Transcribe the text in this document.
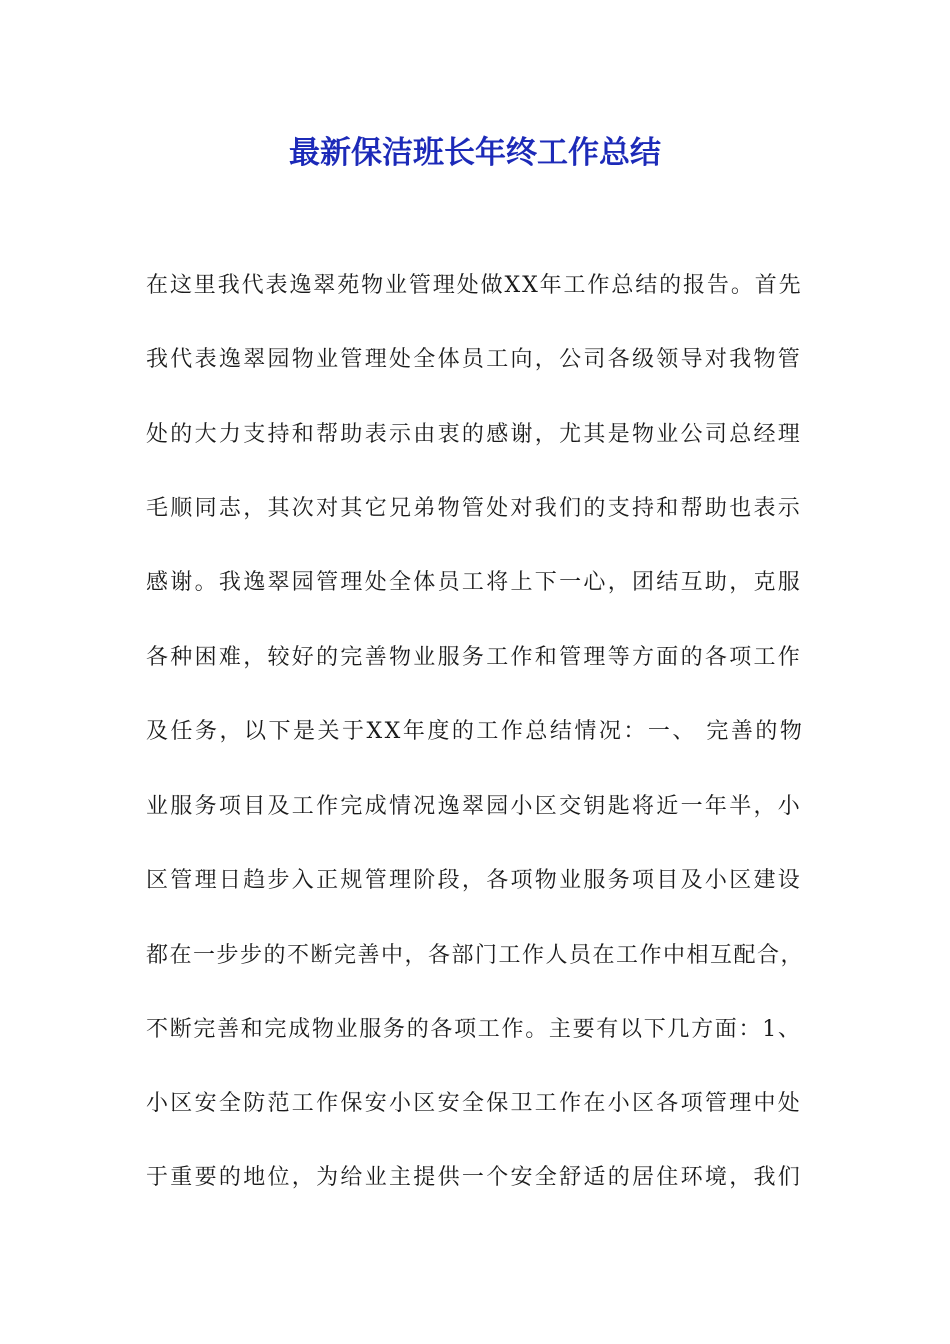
最新保洁班长年终工作总结
在这里我代表逸翠苑物业管理处做XX年工作总结的报告。首先
我代表逸翠园物业管理处全体员工向，公司各级领导对我物管
处的大力支持和帮助表示由衷的感谢，尤其是物业公司总经理
毛顺同志，其次对其它兄弟物管处对我们的支持和帮助也表示
感谢。我逸翠园管理处全体员工将上下一心，团结互助，克服
各种困难，较好的完善物业服务工作和管理等方面的各项工作
及任务，以下是关于XX年度的工作总结情况：一、 完善的物
业服务项目及工作完成情况逸翠园小区交钥匙将近一年半，小
区管理日趋步入正规管理阶段，各项物业服务项目及小区建设
都在一步步的不断完善中，各部门工作人员在工作中相互配合，
不断完善和完成物业服务的各项工作。主要有以下几方面：1、
小区安全防范工作保安小区安全保卫工作在小区各项管理中处
于重要的地位，为给业主提供一个安全舒适的居住环境，我们
